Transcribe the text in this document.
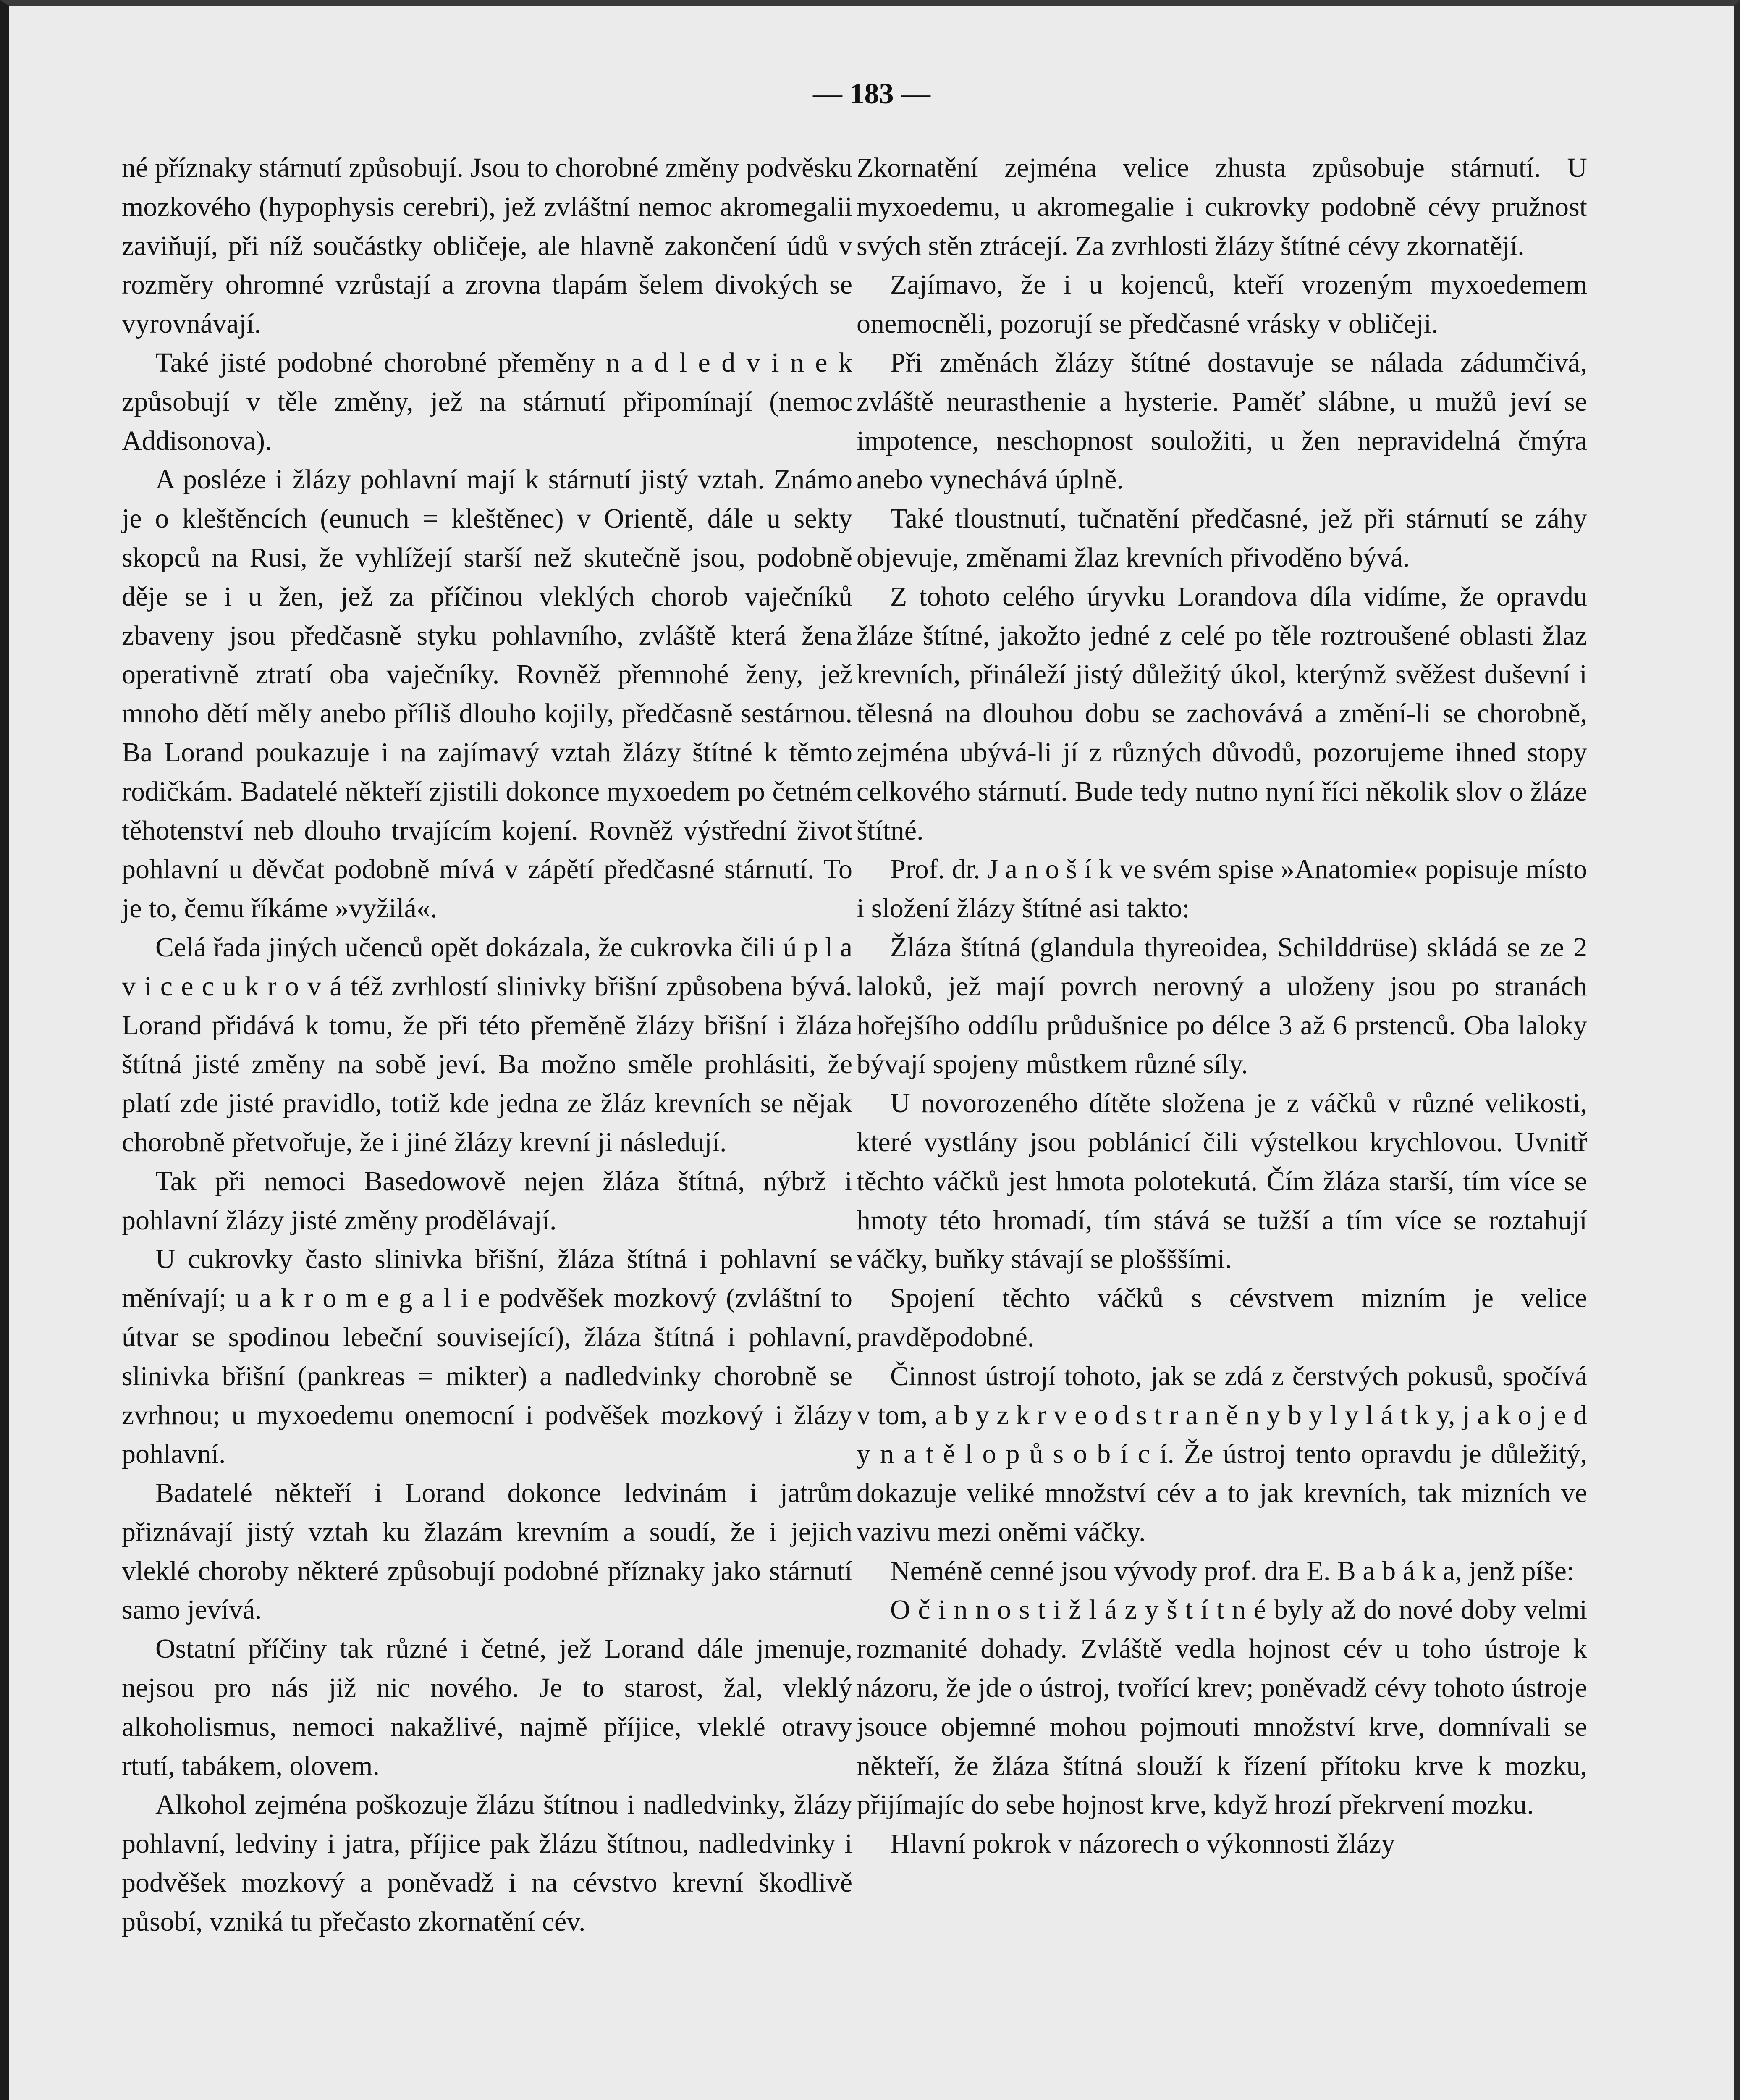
— 183 —

né příznaky stárnutí způsobují. Jsou to chorobné změny podvěsku mozkového (hypophysis cerebri), jež zvláštní nemoc akromegalii zaviňují, při níž součástky obličeje, ale hlavně zakončení údů v rozměry ohromné vzrůstají a zrovna tlapám šelem divokých se vyrovnávají.

Také jisté podobné chorobné přeměny n a d l e d v i n e k způsobují v těle změny, jež na stárnutí připomínají (nemoc Addisonova).

A posléze i žlázy pohlavní mají k stárnutí jistý vztah. Známo je o kleštěncích (eunuch = kleštěnec) v Orientě, dále u sekty skopců na Rusi, že vyhlížejí starší než skutečně jsou, podobně děje se i u žen, jež za příčinou vleklých chorob vaječníků zbaveny jsou předčasně styku pohlavního, zvláště která žena operativně ztratí oba vaječníky. Rovněž přemnohé ženy, jež mnoho dětí měly anebo příliš dlouho kojily, předčasně sestárnou. Ba Lorand poukazuje i na zajímavý vztah žlázy štítné k těmto rodičkám. Badatelé někteří zjistili dokonce myxoedem po četném těhotenství neb dlouho trvajícím kojení. Rovněž výstřední život pohlavní u děvčat podobně mívá v zápětí předčasné stárnutí. To je to, čemu říkáme »vyžilá«.

Celá řada jiných učenců opět dokázala, že cukrovka čili ú p l a v i c e c u k r o v á též zvrhlostí slinivky břišní způsobena bývá. Lorand přidává k tomu, že při této přeměně žlázy břišní i žláza štítná jisté změny na sobě jeví. Ba možno směle prohlásiti, že platí zde jisté pravidlo, totiž kde jedna ze žláz krevních se nějak chorobně přetvořuje, že i jiné žlázy krevní ji následují.

Tak při nemoci Basedowově nejen žláza štítná, nýbrž i pohlavní žlázy jisté změny prodělávají.

U cukrovky často slinivka břišní, žláza štítná i pohlavní se měnívají; u a k r o m e g a l i e podvěšek mozkový (zvláštní to útvar se spodinou lebeční související), žláza štítná i pohlavní, slinivka břišní (pankreas = mikter) a nadledvinky chorobně se zvrhnou; u myxoedemu onemocní i podvěšek mozkový i žlázy pohlavní.

Badatelé někteří i Lorand dokonce ledvinám i jatrům přiznávají jistý vztah ku žlazám krevním a soudí, že i jejich vleklé choroby některé způsobují podobné příznaky jako stárnutí samo jevívá.

Ostatní příčiny tak různé i četné, jež Lorand dále jmenuje, nejsou pro nás již nic nového. Je to starost, žal, vleklý alkoholismus, nemoci nakažlivé, najmě příjice, vleklé otravy rtutí, tabákem, olovem.

Alkohol zejména poškozuje žlázu štítnou i nadledvinky, žlázy pohlavní, ledviny i jatra, příjice pak žlázu štítnou, nadledvinky i podvěšek mozkový a poněvadž i na cévstvo krevní škodlivě působí, vzniká tu přečasto zkornatění cév.

Zkornatění zejména velice zhusta způsobuje stárnutí. U myxoedemu, u akromegalie i cukrovky podobně cévy pružnost svých stěn ztrácejí. Za zvrhlosti žlázy štítné cévy zkornatějí.

Zajímavo, že i u kojenců, kteří vrozeným myxoedemem onemocněli, pozorují se předčasné vrásky v obličeji.

Při změnách žlázy štítné dostavuje se nálada zádumčivá, zvláště neurasthenie a hysterie. Paměť slábne, u mužů jeví se impotence, neschopnost souložiti, u žen nepravidelná čmýra anebo vynechává úplně.

Také tloustnutí, tučnatění předčasné, jež při stárnutí se záhy objevuje, změnami žlaz krevních přivoděno bývá.

Z tohoto celého úryvku Lorandova díla vidíme, že opravdu žláze štítné, jakožto jedné z celé po těle roztroušené oblasti žlaz krevních, přináleží jistý důležitý úkol, kterýmž svěžest duševní i tělesná na dlouhou dobu se zachovává a změní-li se chorobně, zejména ubývá-li jí z různých důvodů, pozorujeme ihned stopy celkového stárnutí. Bude tedy nutno nyní říci několik slov o žláze štítné.

Prof. dr. J a n o š í k ve svém spise »Anatomie« popisuje místo i složení žlázy štítné asi takto:

Žláza štítná (glandula thyreoidea, Schilddrüse) skládá se ze 2 laloků, jež mají povrch nerovný a uloženy jsou po stranách hořejšího oddílu průdušnice po délce 3 až 6 prstenců. Oba laloky bývají spojeny můstkem různé síly.

U novorozeného dítěte složena je z váčků v různé velikosti, které vystlány jsou poblánicí čili výstelkou krychlovou. Uvnitř těchto váčků jest hmota polotekutá. Čím žláza starší, tím více se hmoty této hromadí, tím stává se tužší a tím více se roztahují váčky, buňky stávají se plošššími.

Spojení těchto váčků s cévstvem mizním je velice pravděpodobné.

Činnost ústrojí tohoto, jak se zdá z čerstvých pokusů, spočívá v tom, a b y z k r v e o d s t r a n ě n y b y l y l á t k y, j a k o j e d y n a t ě l o p ů s o b í c í. Že ústroj tento opravdu je důležitý, dokazuje veliké množství cév a to jak krevních, tak mizních ve vazivu mezi oněmi váčky.

Neméně cenné jsou vývody prof. dra E. B a b á k a, jenž píše:

O č i n n o s t i ž l á z y š t í t n é byly až do nové doby velmi rozmanité dohady. Zvláště vedla hojnost cév u toho ústroje k názoru, že jde o ústroj, tvořící krev; poněvadž cévy tohoto ústroje jsouce objemné mohou pojmouti množství krve, domnívali se někteří, že žláza štítná slouží k řízení přítoku krve k mozku, přijímajíc do sebe hojnost krve, když hrozí překrvení mozku.

Hlavní pokrok v názorech o výkonnosti žlázy
